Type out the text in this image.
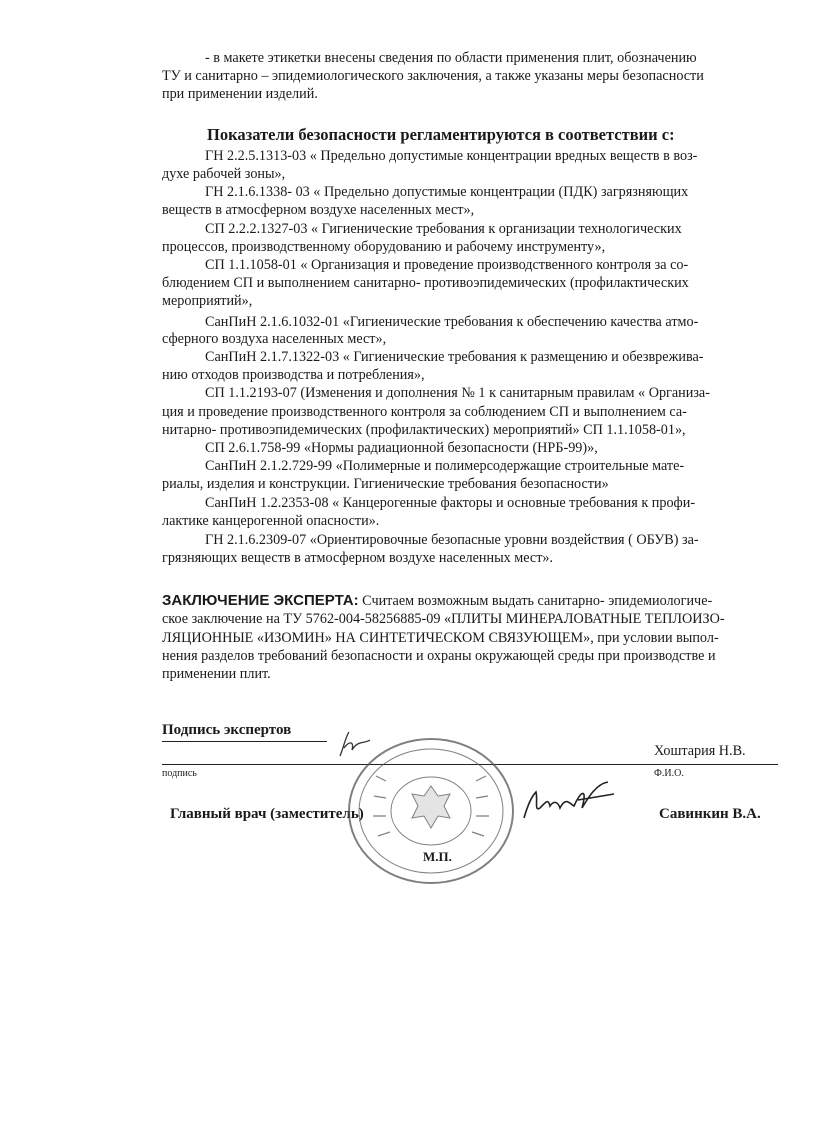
- в макете этикетки внесены сведения по области применения плит, обозначению
ТУ и санитарно – эпидемиологического заключения, а также указаны меры безопасности
при применении изделий.
Показатели безопасности регламентируются в соответствии с:
ГН 2.2.5.1313-03 « Предельно допустимые концентрации вредных веществ в воз-
духе рабочей зоны»,
ГН 2.1.6.1338- 03 « Предельно допустимые концентрации (ПДК) загрязняющих
веществ в атмосферном воздухе населенных мест»,
СП 2.2.2.1327-03 « Гигиенические требования к организации технологических
процессов, производственному оборудованию и рабочему инструменту»,
СП 1.1.1058-01 « Организация и проведение производственного контроля за со-
блюдением СП и выполнением санитарно- противоэпидемических (профилактических
мероприятий»,
СанПиН 2.1.6.1032-01 «Гигиенические требования к обеспечению качества атмо-
сферного воздуха населенных мест»,
СанПиН 2.1.7.1322-03 « Гигиенические требования к размещению и обезврежива-
нию отходов производства и потребления»,
СП 1.1.2193-07 (Изменения и дополнения № 1 к санитарным правилам « Организа-
ция и проведение производственного контроля за соблюдением СП и выполнением са-
нитарно- противоэпидемических (профилактических) мероприятий» СП 1.1.1058-01»,
СП 2.6.1.758-99 «Нормы радиационной безопасности (НРБ-99)»,
СанПиН 2.1.2.729-99 «Полимерные и полимерсодержащие строительные мате-
риалы, изделия и конструкции. Гигиенические требования безопасности»
СанПиН 1.2.2353-08 « Канцерогенные факторы и основные требования к профи-
лактике канцерогенной опасности».
ГН 2.1.6.2309-07 «Ориентировочные безопасные уровни воздействия ( ОБУВ) за-
грязняющих веществ в атмосферном воздухе населенных мест».
ЗАКЛЮЧЕНИЕ ЭКСПЕРТА: Считаем возможным выдать санитарно- эпидемиологиче-
ское заключение на ТУ 5762-004-58256885-09 «ПЛИТЫ МИНЕРАЛОВАТНЫЕ ТЕПЛОИЗО-
ЛЯЦИОННЫЕ «ИЗОМИН» НА СИНТЕТИЧЕСКОМ СВЯЗУЮЩЕМ», при условии выпол-
нения разделов требований безопасности и охраны окружающей среды при производстве и
применении плит.
Подпись экспертов
Хоштария Н.В.
подпись	Ф.И.О.
Главный врач (заместитель)	Савинкин В.А.
М.П.
